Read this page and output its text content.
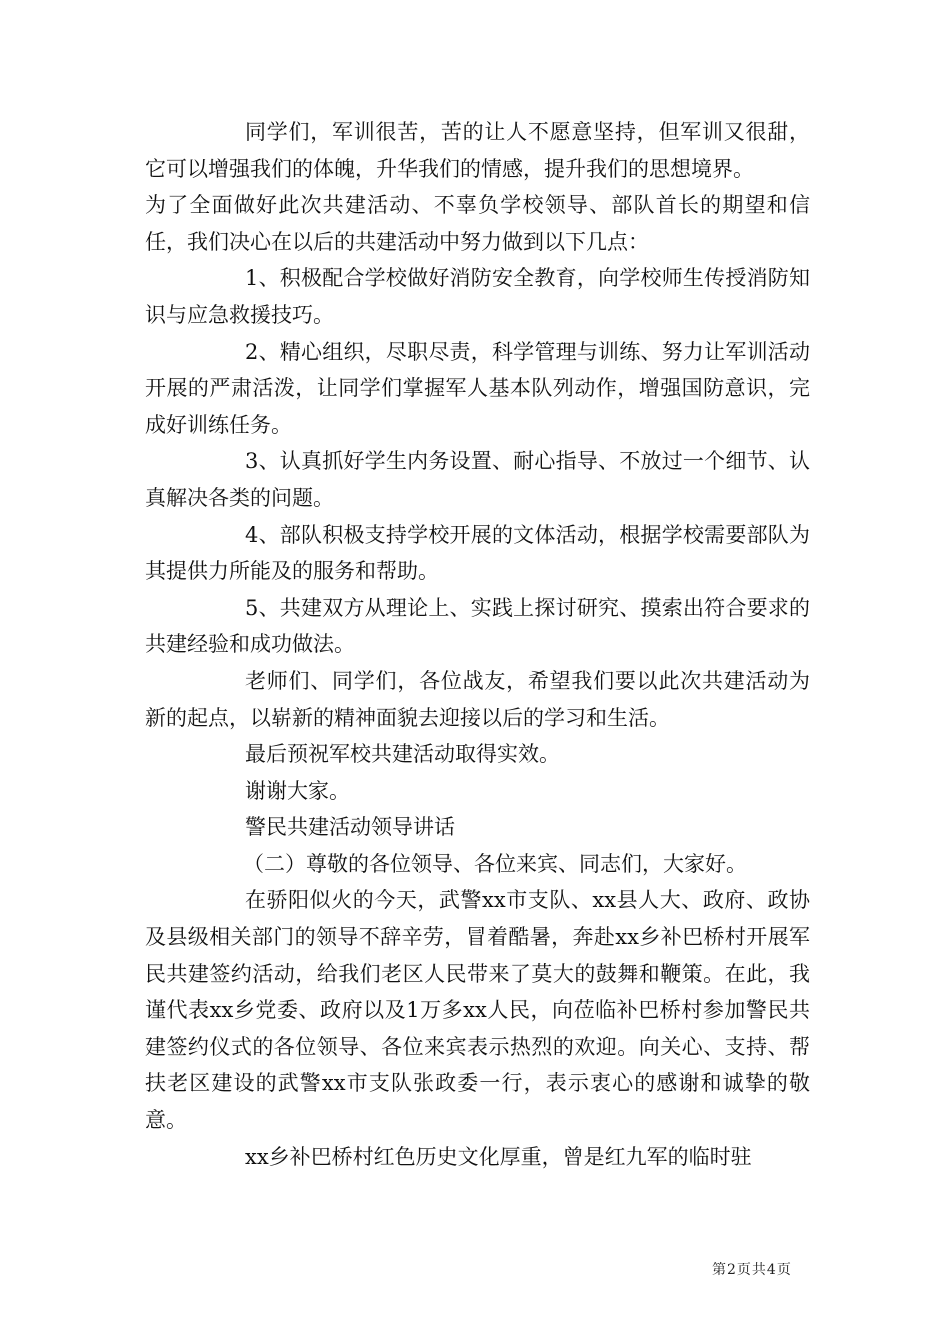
同学们，军训很苦，苦的让人不愿意坚持，但军训又很甜，它可以增强我们的体魄，升华我们的情感，提升我们的思想境界。

为了全面做好此次共建活动、不辜负学校领导、部队首长的期望和信任，我们决心在以后的共建活动中努力做到以下几点：

1、积极配合学校做好消防安全教育，向学校师生传授消防知识与应急救援技巧。

2、精心组织，尽职尽责，科学管理与训练、努力让军训活动开展的严肃活泼，让同学们掌握军人基本队列动作，增强国防意识，完成好训练任务。

3、认真抓好学生内务设置、耐心指导、不放过一个细节、认真解决各类的问题。

4、部队积极支持学校开展的文体活动，根据学校需要部队为其提供力所能及的服务和帮助。

5、共建双方从理论上、实践上探讨研究、摸索出符合要求的共建经验和成功做法。

老师们、同学们，各位战友，希望我们要以此次共建活动为新的起点，以崭新的精神面貌去迎接以后的学习和生活。

最后预祝军校共建活动取得实效。

谢谢大家。

警民共建活动领导讲话

（二）尊敬的各位领导、各位来宾、同志们，大家好。

在骄阳似火的今天，武警xx市支队、xx县人大、政府、政协及县级相关部门的领导不辞辛劳，冒着酷暑，奔赴xx乡补巴桥村开展军民共建签约活动，给我们老区人民带来了莫大的鼓舞和鞭策。在此，我谨代表xx乡党委、政府以及1万多xx人民，向莅临补巴桥村参加警民共建签约仪式的各位领导、各位来宾表示热烈的欢迎。向关心、支持、帮扶老区建设的武警xx市支队张政委一行，表示衷心的感谢和诚挚的敬意。

xx乡补巴桥村红色历史文化厚重，曾是红九军的临时驻

第2页共4页
